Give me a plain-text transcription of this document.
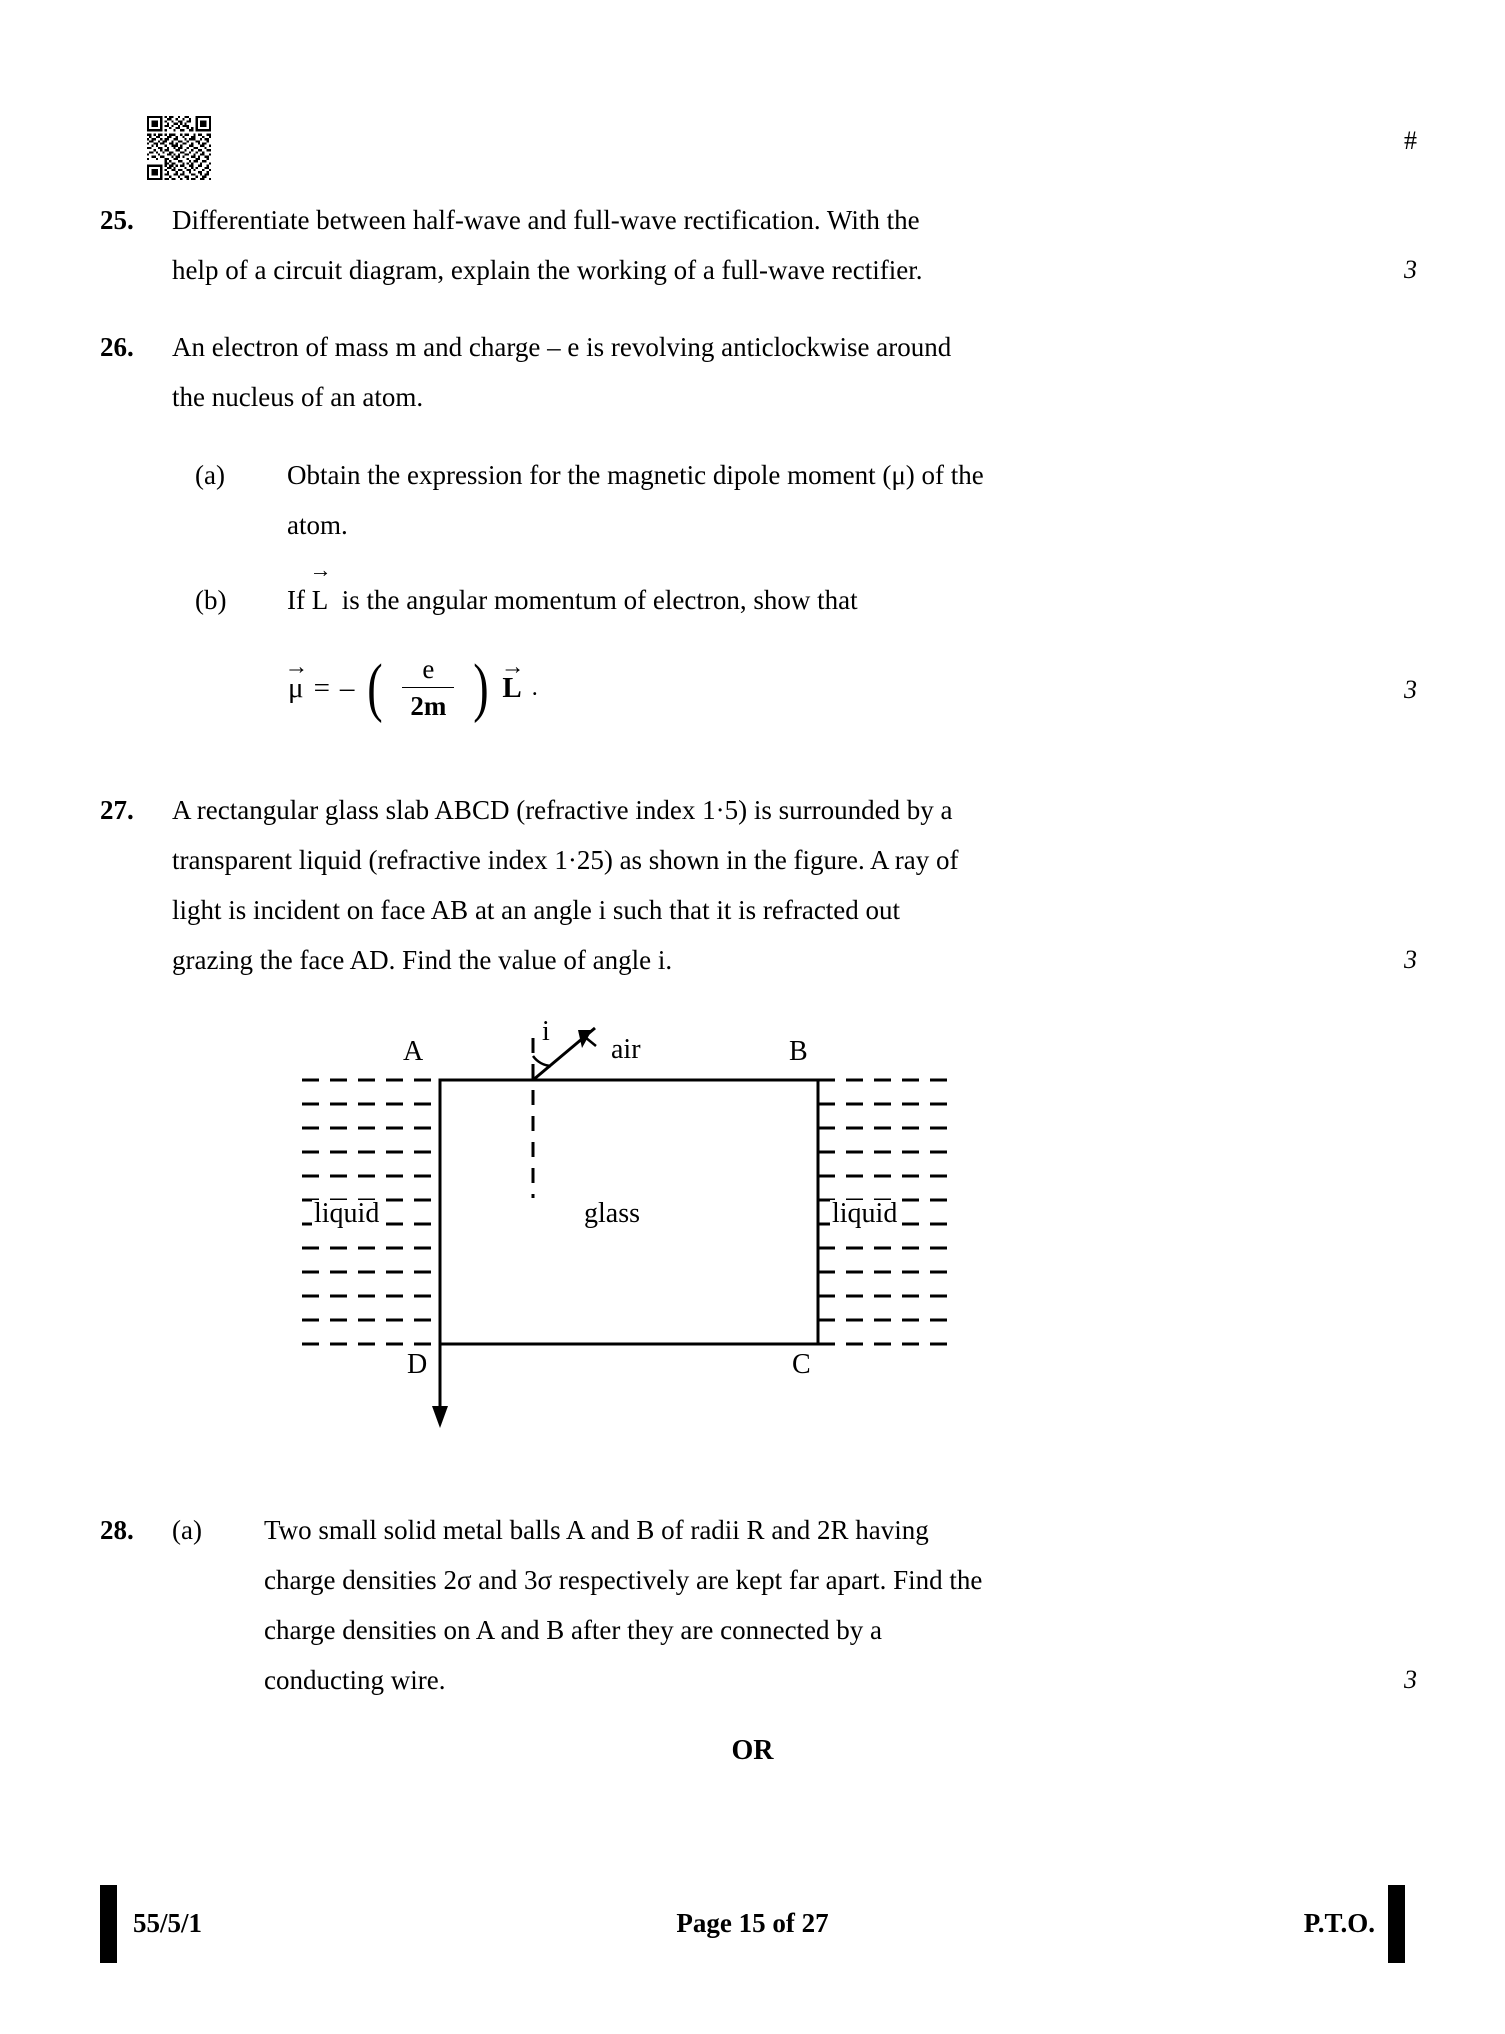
#
25.	Differentiate between half-wave and full-wave rectification. With the

help of a circuit diagram, explain the working of a full-wave rectifier.	3
26.	An electron of mass m and charge – e is revolving anticlockwise around

the nucleus of an atom.

(a)	Obtain the expression for the magnetic dipole moment (μ) of the

atom.

(b)	If
→
L  is the angular momentum of electron, show that

→
μ = – ( $\frac{e}{2m}$ ) →
L .	3
27.	A rectangular glass slab ABCD (refractive index 1·5) is surrounded by a

transparent liquid (refractive index 1·25) as shown in the figure. A ray of

light is incident on face AB at an angle i such that it is refracted out

grazing the face AD. Find the value of angle i.	3
A	B
C
D
i
air
glass
liquid	liquid
28.	(a)	Two small solid metal balls A and B of radii R and 2R having

charge densities 2σ and 3σ respectively are kept far apart. Find the

charge densities on A and B after they are connected by a

conducting wire.	3
OR
55/5/1	Page 15 of 27	P.T.O.
